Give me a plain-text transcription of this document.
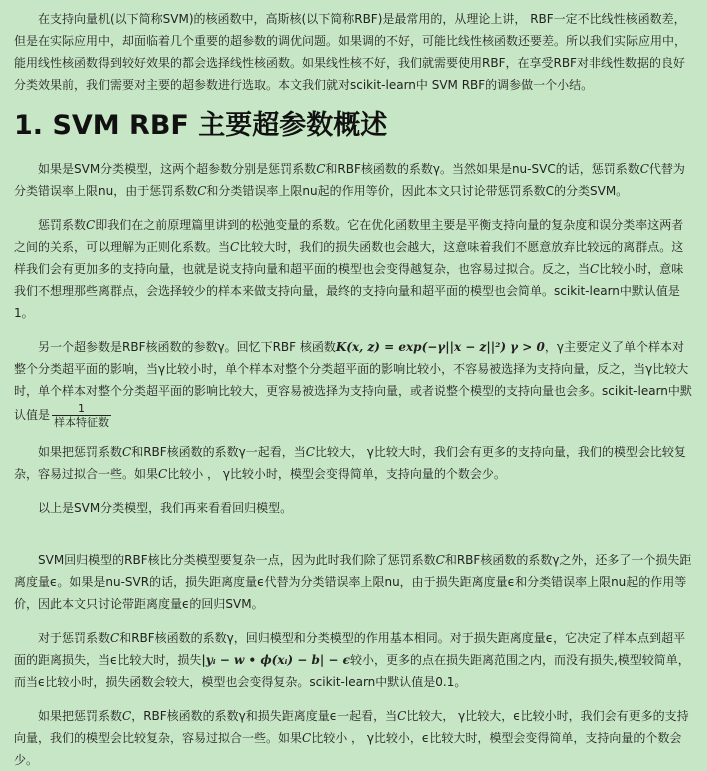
在支持向量机(以下简称SVM)的核函数中，高斯核(以下简称RBF)是最常用的，从理论上讲， RBF一定不比线性核函数差，但是在实际应用中，却面临着几个重要的超参数的调优问题。如果调的不好，可能比线性核函数还要差。所以我们实际应用中，能用线性核函数得到较好效果的都会选择线性核函数。如果线性核不好，我们就需要使用RBF，在享受RBF对非线性数据的良好分类效果前，我们需要对主要的超参数进行选取。本文我们就对scikit-learn中 SVM RBF的调参做一个小结。

1. SVM RBF 主要超参数概述

如果是SVM分类模型，这两个超参数分别是惩罚系数C和RBF核函数的系数γ。当然如果是nu-SVC的话，惩罚系数C代替为分类错误率上限nu，由于惩罚系数C和分类错误率上限nu起的作用等价，因此本文只讨论带惩罚系数C的分类SVM。

惩罚系数C即我们在之前原理篇里讲到的松弛变量的系数。它在优化函数里主要是平衡支持向量的复杂度和误分类率这两者之间的关系，可以理解为正则化系数。当C比较大时，我们的损失函数也会越大，这意味着我们不愿意放弃比较远的离群点。这样我们会有更加多的支持向量，也就是说支持向量和超平面的模型也会变得越复杂，也容易过拟合。反之，当C比较小时，意味我们不想理那些离群点，会选择较少的样本来做支持向量，最终的支持向量和超平面的模型也会简单。scikit-learn中默认值是1。

另一个超参数是RBF核函数的参数γ。回忆下RBF 核函数K(x, z) = exp(−γ||x − z||²) γ > 0，γ主要定义了单个样本对整个分类超平面的影响，当γ比较小时，单个样本对整个分类超平面的影响比较小，不容易被选择为支持向量，反之，当γ比较大时，单个样本对整个分类超平面的影响比较大，更容易被选择为支持向量，或者说整个模型的支持向量也会多。scikit-learn中默认值是 $\frac{1}{\text{样本特征数}}$

如果把惩罚系数C和RBF核函数的系数γ一起看，当C比较大， γ比较大时，我们会有更多的支持向量，我们的模型会比较复杂，容易过拟合一些。如果C比较小 ， γ比较小时，模型会变得简单，支持向量的个数会少。

以上是SVM分类模型，我们再来看看回归模型。

SVM回归模型的RBF核比分类模型要复杂一点，因为此时我们除了惩罚系数C和RBF核函数的系数γ之外，还多了一个损失距离度量ϵ。如果是nu-SVR的话，损失距离度量ϵ代替为分类错误率上限nu，由于损失距离度量ϵ和分类错误率上限nu起的作用等价，因此本文只讨论带距离度量ϵ的回归SVM。

对于惩罚系数C和RBF核函数的系数γ，回归模型和分类模型的作用基本相同。对于损失距离度量ϵ，它决定了样本点到超平面的距离损失，当ϵ比较大时，损失|yᵢ − w • ϕ(xᵢ) − b| − ϵ较小，更多的点在损失距离范围之内，而没有损失,模型较简单，而当ϵ比较小时，损失函数会较大，模型也会变得复杂。scikit-learn中默认值是0.1。

如果把惩罚系数C，RBF核函数的系数γ和损失距离度量ϵ一起看，当C比较大， γ比较大，ϵ比较小时，我们会有更多的支持向量，我们的模型会比较复杂，容易过拟合一些。如果C比较小 ， γ比较小，ϵ比较大时，模型会变得简单，支持向量的个数会少。
